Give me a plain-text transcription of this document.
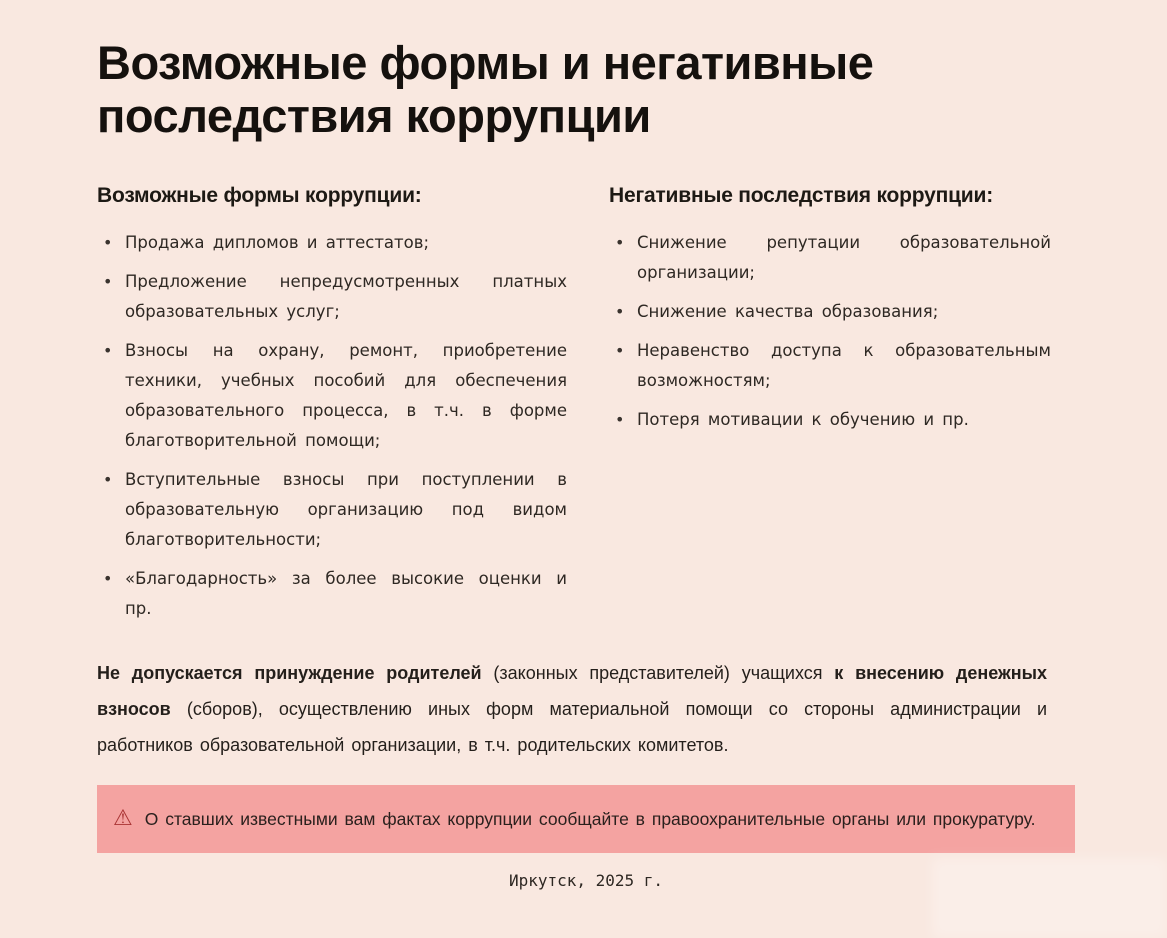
Возможные формы и негативные последствия коррупции
Возможные формы коррупции:
• Продажа дипломов и аттестатов;
• Предложение непредусмотренных платных образовательных услуг;
• Взносы на охрану, ремонт, приобретение техники, учебных пособий для обеспечения образовательного процесса, в т.ч. в форме благотворительной помощи;
• Вступительные взносы при поступлении в образовательную организацию под видом благотворительности;
• «Благодарность» за более высокие оценки и пр.
Негативные последствия коррупции:
• Снижение репутации образовательной организации;
• Снижение качества образования;
• Неравенство доступа к образовательным возможностям;
• Потеря мотивации к обучению и пр.

Не допускается принуждение родителей (законных представителей) учащихся к внесению денежных взносов (сборов), осуществлению иных форм материальной помощи со стороны администрации и работников образовательной организации, в т.ч. родительских комитетов.

⚠ О ставших известными вам фактах коррупции сообщайте в правоохранительные органы или прокуратуру.
Иркутск, 2025 г.
